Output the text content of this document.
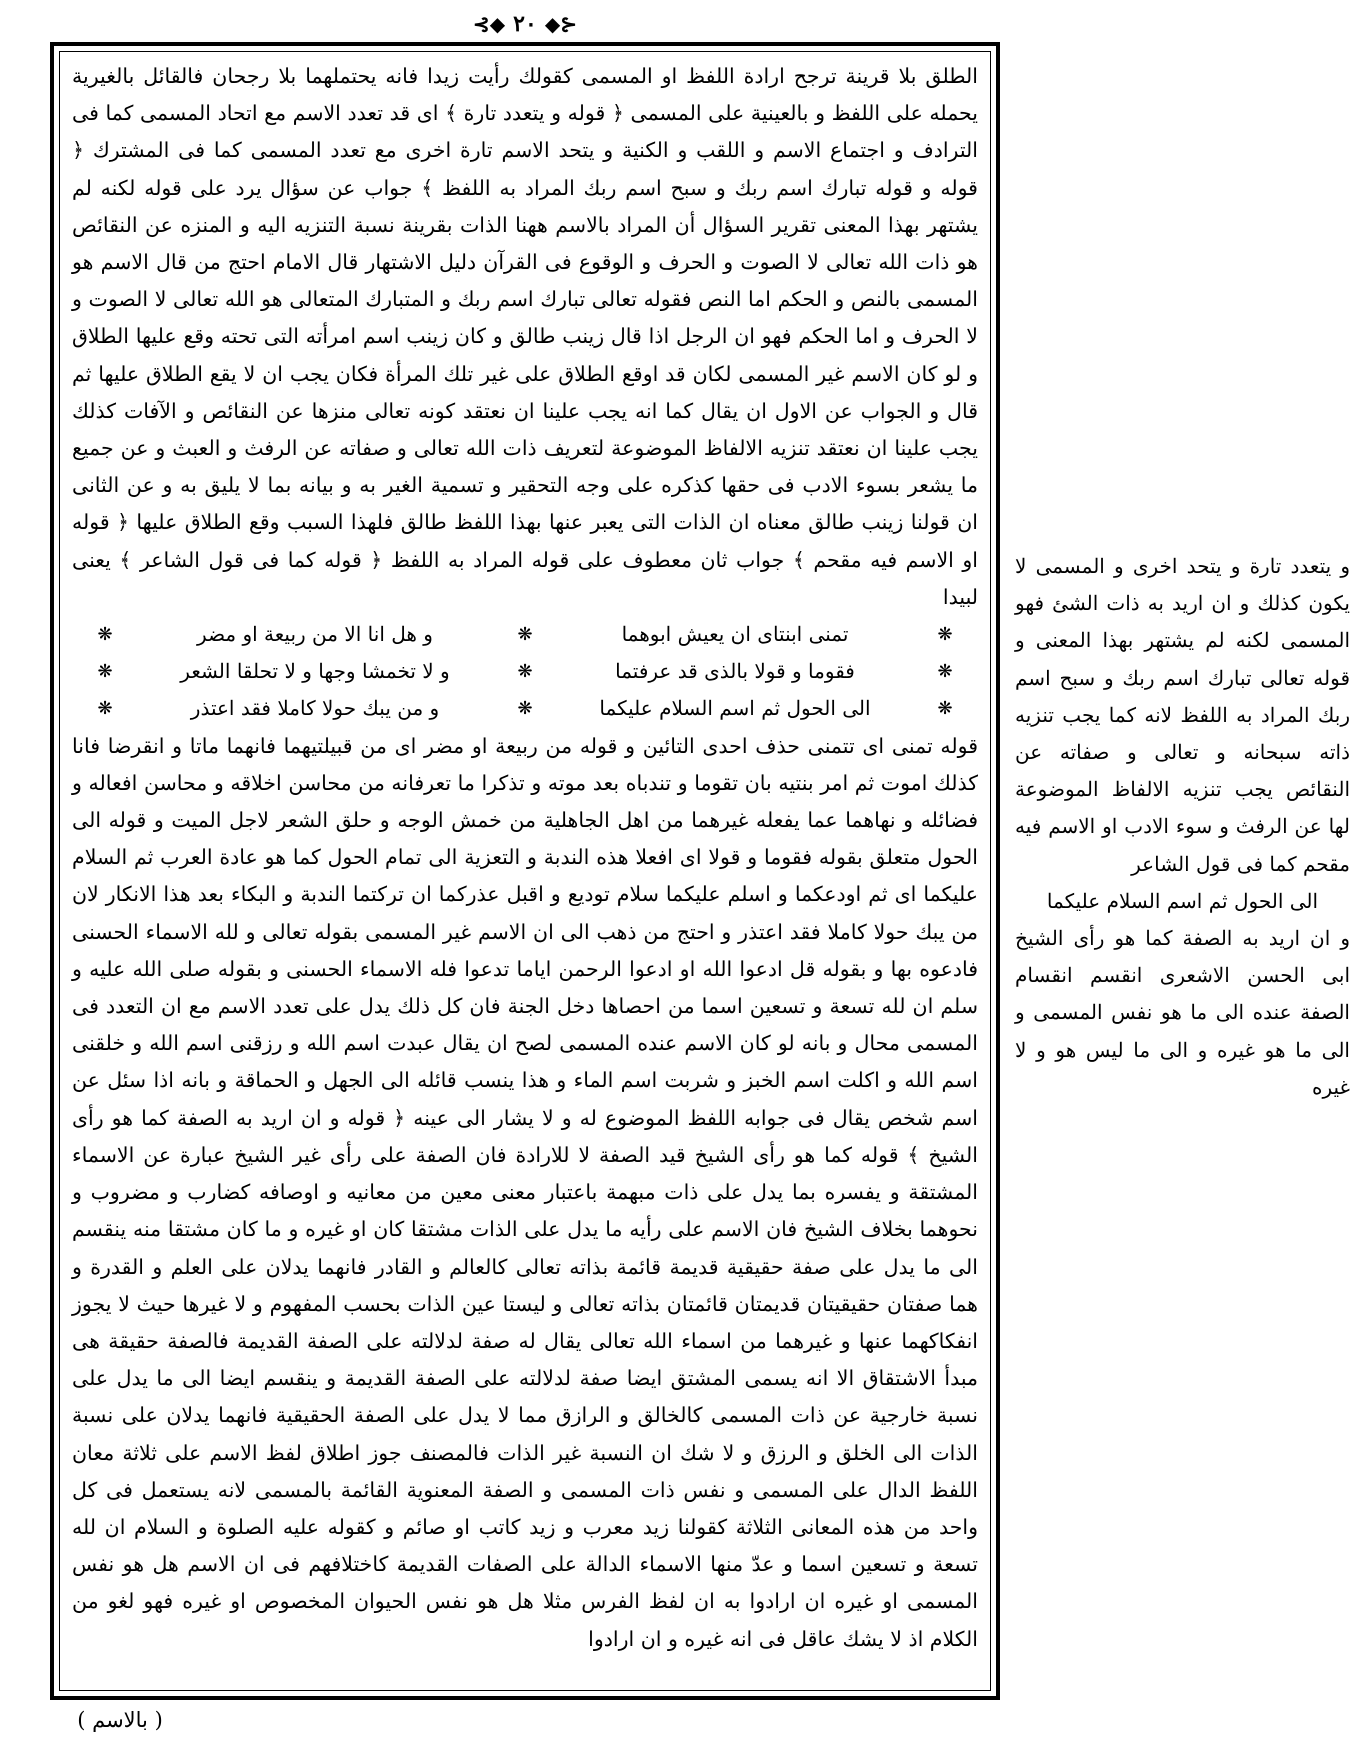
⊰◆ ٢٠ ◆⊱

الطلق بلا قرينة ترجح ارادة اللفظ او المسمى كقولك رأيت زيدا فانه يحتملهما بلا رجحان فالقائل بالغيرية يحمله على اللفظ و بالعينية على المسمى ﴿ قوله و يتعدد تارة ﴾ اى قد تعدد الاسم مع اتحاد المسمى كما فى الترادف و اجتماع الاسم و اللقب و الكنية و يتحد الاسم تارة اخرى مع تعدد المسمى كما فى المشترك ﴿ قوله و قوله تبارك اسم ربك و سبح اسم ربك المراد به اللفظ ﴾ جواب عن سؤال يرد على قوله لكنه لم يشتهر بهذا المعنى تقرير السؤال أن المراد بالاسم ههنا الذات بقرينة نسبة التنزيه اليه و المنزه عن النقائص هو ذات الله تعالى لا الصوت و الحرف و الوقوع فى القرآن دليل الاشتهار قال الامام احتج من قال الاسم هو المسمى بالنص و الحكم اما النص فقوله تعالى تبارك اسم ربك و المتبارك المتعالى هو الله تعالى لا الصوت و لا الحرف و اما الحكم فهو ان الرجل اذا قال زينب طالق و كان زينب اسم امرأته التى تحته وقع عليها الطلاق و لو كان الاسم غير المسمى لكان قد اوقع الطلاق على غير تلك المرأة فكان يجب ان لا يقع الطلاق عليها ثم قال و الجواب عن الاول ان يقال كما انه يجب علينا ان نعتقد كونه تعالى منزها عن النقائص و الآفات كذلك يجب علينا ان نعتقد تنزيه الالفاظ الموضوعة لتعريف ذات الله تعالى و صفاته عن الرفث و العبث و عن جميع ما يشعر بسوء الادب فى حقها كذكره على وجه التحقير و تسمية الغير به و بيانه بما لا يليق به و عن الثانى ان قولنا زينب طالق معناه ان الذات التى يعبر عنها بهذا اللفظ طالق فلهذا السبب وقع الطلاق عليها ﴿ قوله او الاسم فيه مقحم ﴾ جواب ثان معطوف على قوله المراد به اللفظ ﴿ قوله كما فى قول الشاعر ﴾ يعنى لبيدا

❋
تمنى ابنتاى ان يعيش ابوهما
❋
و هل انا الا من ربيعة او مضر
❋
❋
فقوما و قولا بالذى قد عرفتما
❋
و لا تخمشا وجها و لا تحلقا الشعر
❋
❋
الى الحول ثم اسم السلام عليكما
❋
و من يبك حولا كاملا فقد اعتذر
❋

قوله تمنى اى تتمنى حذف احدى التائين و قوله من ربيعة او مضر اى من قبيلتيهما فانهما ماتا و انقرضا فانا كذلك اموت ثم امر بنتيه بان تقوما و تندباه بعد موته و تذكرا ما تعرفانه من محاسن اخلاقه و محاسن افعاله و فضائله و نهاهما عما يفعله غيرهما من اهل الجاهلية من خمش الوجه و حلق الشعر لاجل الميت و قوله الى الحول متعلق بقوله فقوما و قولا اى افعلا هذه الندبة و التعزية الى تمام الحول كما هو عادة العرب ثم السلام عليكما اى ثم اودعكما و اسلم عليكما سلام توديع و اقبل عذركما ان تركتما الندبة و البكاء بعد هذا الانكار لان من يبك حولا كاملا فقد اعتذر و احتج من ذهب الى ان الاسم غير المسمى بقوله تعالى و لله الاسماء الحسنى فادعوه بها و بقوله قل ادعوا الله او ادعوا الرحمن اياما تدعوا فله الاسماء الحسنى و بقوله صلى الله عليه و سلم ان لله تسعة و تسعين اسما من احصاها دخل الجنة فان كل ذلك يدل على تعدد الاسم مع ان التعدد فى المسمى محال و بانه لو كان الاسم عنده المسمى لصح ان يقال عبدت اسم الله و رزقنى اسم الله و خلقنى اسم الله و اكلت اسم الخبز و شربت اسم الماء و هذا ينسب قائله الى الجهل و الحماقة و بانه اذا سئل عن اسم شخص يقال فى جوابه اللفظ الموضوع له و لا يشار الى عينه ﴿ قوله و ان اريد به الصفة كما هو رأى الشيخ ﴾ قوله كما هو رأى الشيخ قيد الصفة لا للارادة فان الصفة على رأى غير الشيخ عبارة عن الاسماء المشتقة و يفسره بما يدل على ذات مبهمة باعتبار معنى معين من معانيه و اوصافه كضارب و مضروب و نحوهما بخلاف الشيخ فان الاسم على رأيه ما يدل على الذات مشتقا كان او غيره و ما كان مشتقا منه ينقسم الى ما يدل على صفة حقيقية قديمة قائمة بذاته تعالى كالعالم و القادر فانهما يدلان على العلم و القدرة و هما صفتان حقيقيتان قديمتان قائمتان بذاته تعالى و ليستا عين الذات بحسب المفهوم و لا غيرها حيث لا يجوز انفكاكهما عنها و غيرهما من اسماء الله تعالى يقال له صفة لدلالته على الصفة القديمة فالصفة حقيقة هى مبدأ الاشتقاق الا انه يسمى المشتق ايضا صفة لدلالته على الصفة القديمة و ينقسم ايضا الى ما يدل على نسبة خارجية عن ذات المسمى كالخالق و الرازق مما لا يدل على الصفة الحقيقية فانهما يدلان على نسبة الذات الى الخلق و الرزق و لا شك ان النسبة غير الذات فالمصنف جوز اطلاق لفظ الاسم على ثلاثة معان اللفظ الدال على المسمى و نفس ذات المسمى و الصفة المعنوية القائمة بالمسمى لانه يستعمل فى كل واحد من هذه المعانى الثلاثة كقولنا زيد معرب و زيد كاتب او صائم و كقوله عليه الصلوة و السلام ان لله تسعة و تسعين اسما و عدّ منها الاسماء الدالة على الصفات القديمة كاختلافهم فى ان الاسم هل هو نفس المسمى او غيره ان ارادوا به ان لفظ الفرس مثلا هل هو نفس الحيوان المخصوص او غيره فهو لغو من الكلام اذ لا يشك عاقل فى انه غيره و ان ارادوا

و يتعدد تارة و يتحد اخرى و المسمى لا يكون كذلك و ان اريد به ذات الشئ فهو المسمى لكنه لم يشتهر بهذا المعنى و قوله تعالى تبارك اسم ربك و سبح اسم ربك المراد به اللفظ لانه كما يجب تنزيه ذاته سبحانه و تعالى و صفاته عن النقائص يجب تنزيه الالفاظ الموضوعة لها عن الرفث و سوء الادب او الاسم فيه مقحم كما فى قول الشاعر

الى الحول ثم اسم السلام عليكما

و ان اريد به الصفة كما هو رأى الشيخ ابى الحسن الاشعرى انقسم انقسام الصفة عنده الى ما هو نفس المسمى و الى ما هو غيره و الى ما ليس هو و لا غيره

( بالاسم )
